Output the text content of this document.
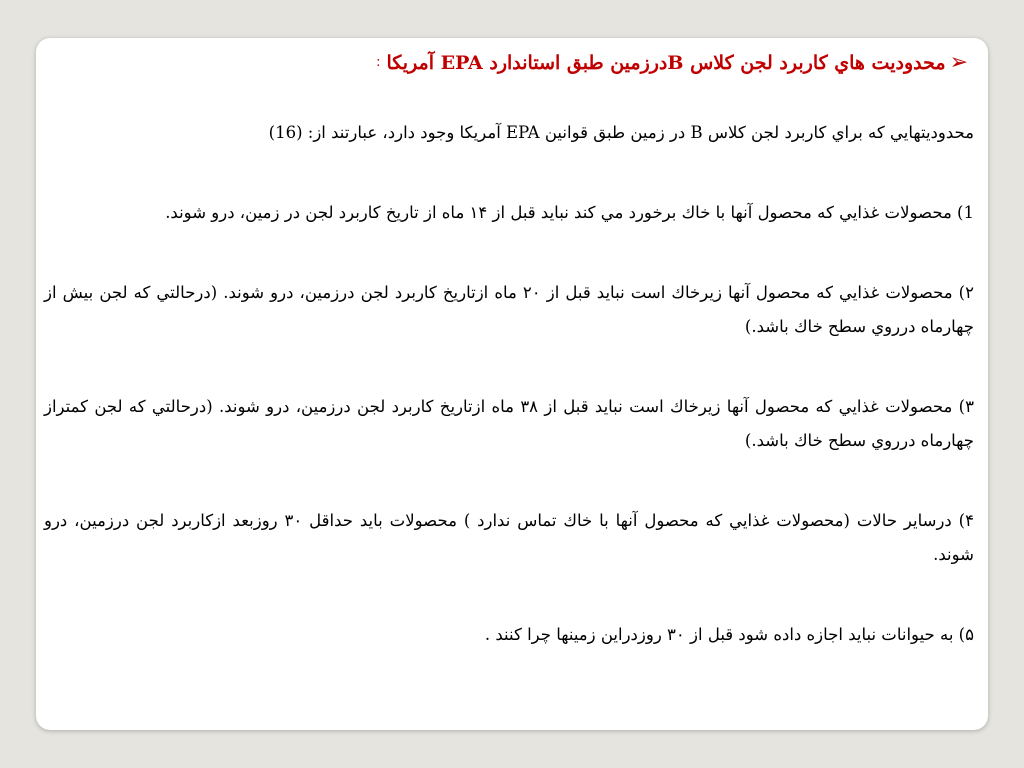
➢
محدوديت هاي كاربرد لجن كلاس Bدرزمين طبق استاندارد EPA آمريكا
:

محدوديتهايي كه براي كاربرد لجن كلاس B در زمين طبق قوانين EPA آمريكا وجود دارد، عبارتند از: (16)

1) محصولات غذايي كه محصول آنها با خاك برخورد مي كند نبايد قبل از ۱۴ ماه از تاريخ كاربرد لجن در زمين، درو شوند.

۲) محصولات غذايي كه محصول آنها زيرخاك است نبايد قبل از ۲۰ ماه ازتاريخ كاربرد لجن درزمين، درو شوند. (درحالتي كه لجن بيش از چهارماه درروي سطح خاك باشد.)

۳) محصولات غذايي كه محصول آنها زيرخاك است نبايد قبل از ۳۸ ماه ازتاريخ كاربرد لجن درزمين، درو شوند. (درحالتي كه لجن كمتراز چهارماه درروي سطح خاك باشد.)

۴) درساير حالات (محصولات غذايي كه محصول آنها با خاك تماس ندارد ) محصولات بايد حداقل ۳۰ روزبعد ازكاربرد لجن درزمين، درو شوند.

۵) به حيوانات نبايد اجازه داده شود قبل از ۳۰ روزدراين زمينها چرا كنند .
